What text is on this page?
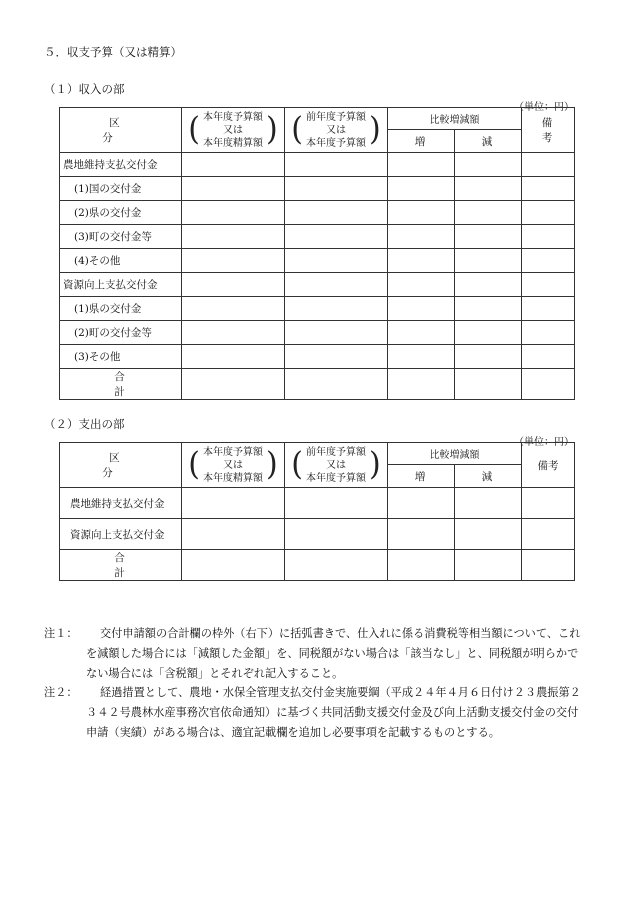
５．収支予算（又は精算）
（１）収入の部
（単位：円）
区　分	( 本年度予算額
又は
本年度精算額 )	( 前年度予算額
又は
本年度予算額 )	比較増減額		備　考
			増	減	
農地維持支払交付金					
(1)国の交付金					
(2)県の交付金					
(3)町の交付金等					
(4)その他					
資源向上支払交付金					
(1)県の交付金					
(2)町の交付金等					
(3)その他					
合　計					
（２）支出の部
（単位：円）
区　分	( 本年度予算額
又は
本年度精算額 )	( 前年度予算額
又は
本年度予算額 )	比較増減額		備考
			増	減	
農地維持支払交付金					
資源向上支払交付金					
合　計					
注１：	交付申請額の合計欄の枠外（右下）に括弧書きで、仕入れに係る消費税等相当額について、これを減額した場合には「減額した金額」を、同税額がない場合は「該当なし」と、同税額が明らかでない場合には「含税額」とそれぞれ記入すること。
注２：	経過措置として、農地・水保全管理支払交付金実施要綱（平成２４年４月６日付け２３農振第２３４２号農林水産事務次官依命通知）に基づく共同活動支援交付金及び向上活動支援交付金の交付申請（実績）がある場合は、適宜記載欄を追加し必要事項を記載するものとする。
